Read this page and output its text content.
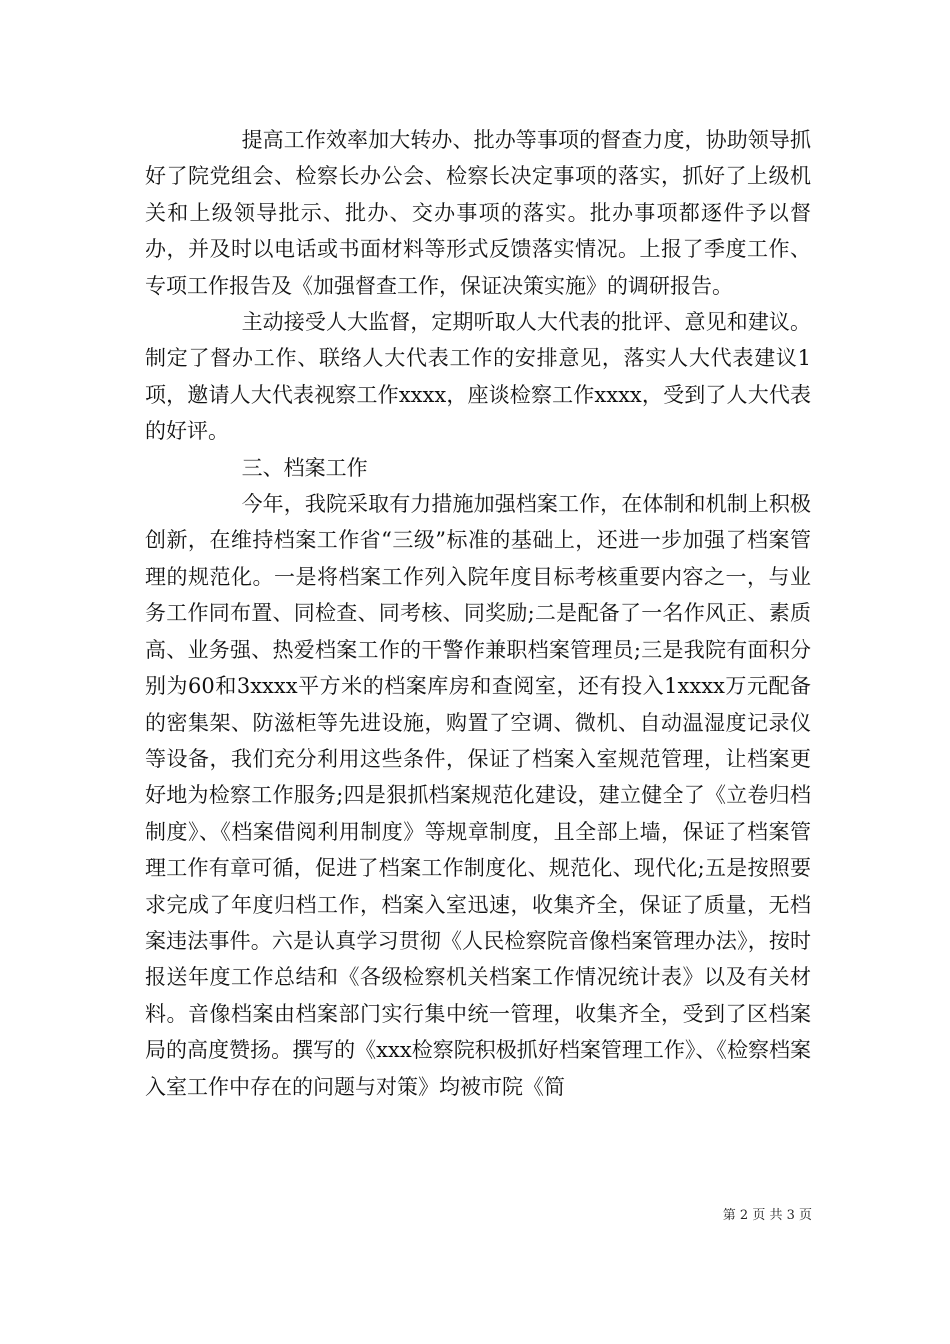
提高工作效率加大转办、批办等事项的督查力度，协助领导抓好了院党组会、检察长办公会、检察长决定事项的落实，抓好了上级机关和上级领导批示、批办、交办事项的落实。批办事项都逐件予以督办，并及时以电话或书面材料等形式反馈落实情况。上报了季度工作、专项工作报告及《加强督查工作，保证决策实施》的调研报告。

主动接受人大监督，定期听取人大代表的批评、意见和建议。制定了督办工作、联络人大代表工作的安排意见，落实人大代表建议1项，邀请人大代表视察工作xxxx，座谈检察工作xxxx，受到了人大代表的好评。

三、档案工作

今年，我院采取有力措施加强档案工作，在体制和机制上积极创新，在维持档案工作省“三级”标准的基础上，还进一步加强了档案管理的规范化。一是将档案工作列入院年度目标考核重要内容之一，与业务工作同布置、同检查、同考核、同奖励;二是配备了一名作风正、素质高、业务强、热爱档案工作的干警作兼职档案管理员;三是我院有面积分别为60和3xxxx平方米的档案库房和查阅室，还有投入1xxxx万元配备的密集架、防滋柜等先进设施，购置了空调、微机、自动温湿度记录仪等设备，我们充分利用这些条件，保证了档案入室规范管理，让档案更好地为检察工作服务;四是狠抓档案规范化建设，建立健全了《立卷归档制度》、《档案借阅利用制度》等规章制度，且全部上墙，保证了档案管理工作有章可循，促进了档案工作制度化、规范化、现代化;五是按照要求完成了年度归档工作，档案入室迅速，收集齐全，保证了质量，无档案违法事件。六是认真学习贯彻《人民检察院音像档案管理办法》，按时报送年度工作总结和《各级检察机关档案工作情况统计表》以及有关材料。音像档案由档案部门实行集中统一管理，收集齐全，受到了区档案局的高度赞扬。撰写的《xxx检察院积极抓好档案管理工作》、《检察档案入室工作中存在的问题与对策》均被市院《简

第 2 页 共 3 页
